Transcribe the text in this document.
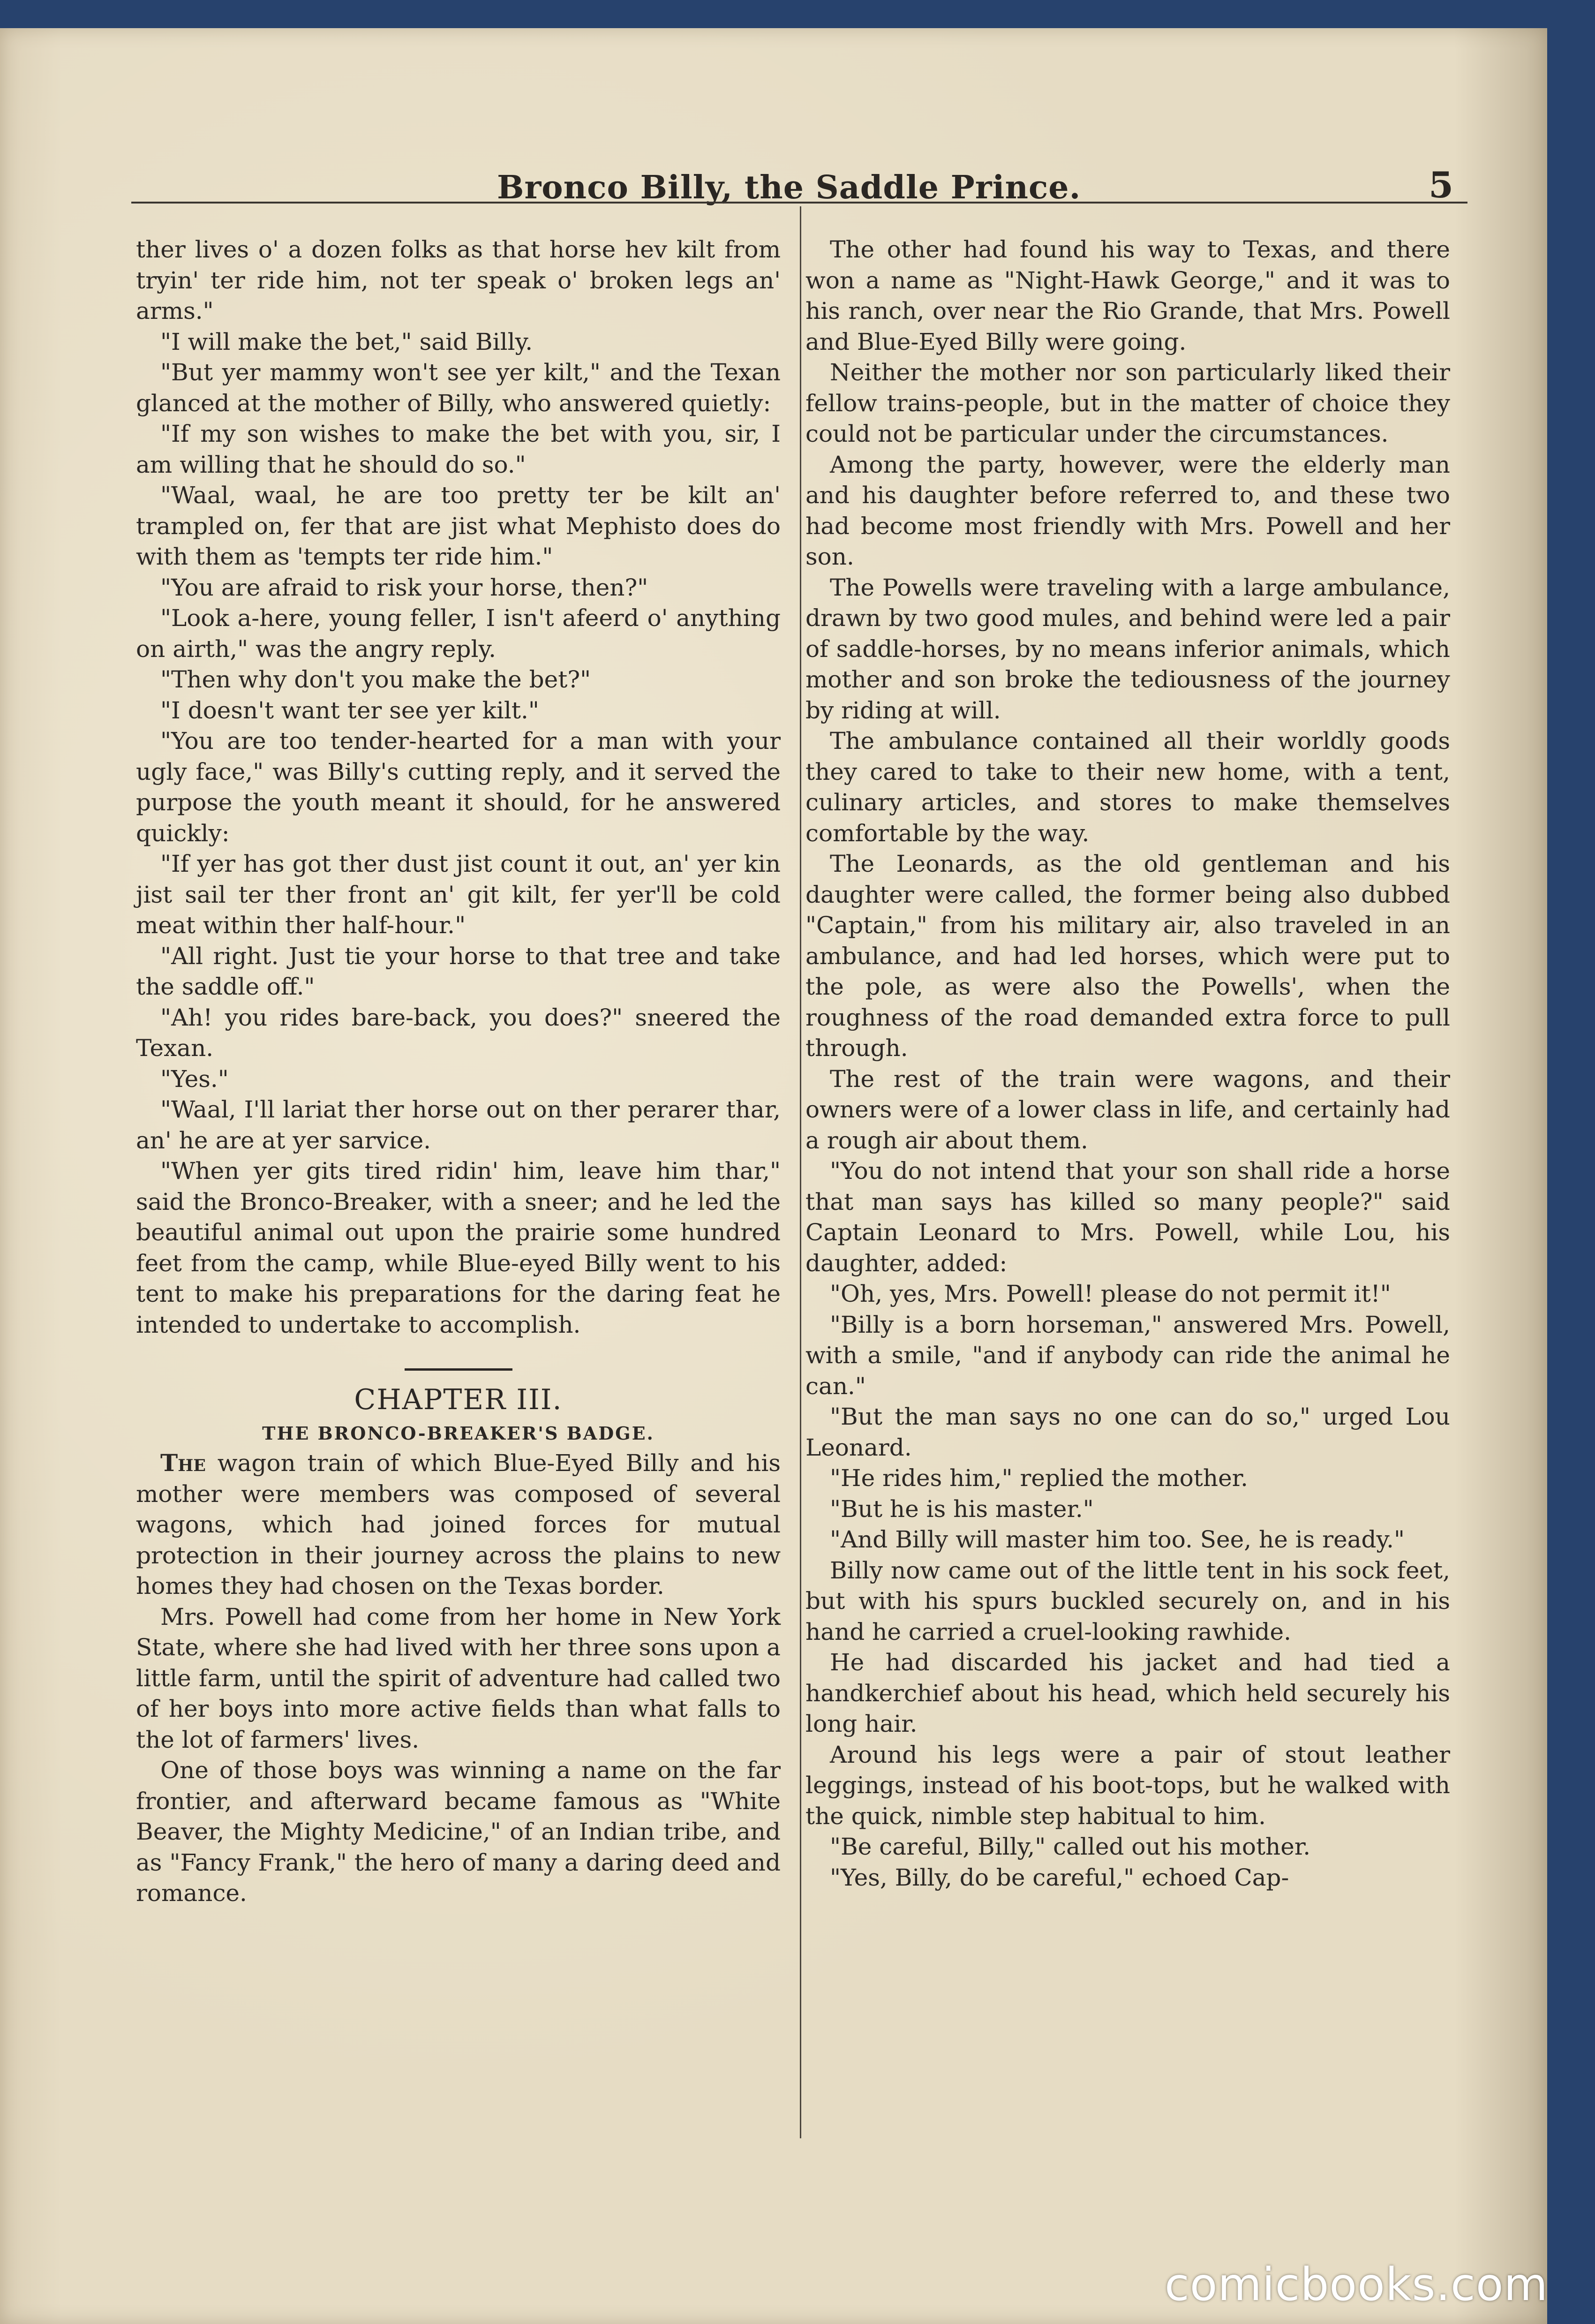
Bronco Billy, the Saddle Prince.	5

ther lives o' a dozen folks as that horse hev kilt from tryin' ter ride him, not ter speak o' broken legs an' arms."

"I will make the bet," said Billy.

"But yer mammy won't see yer kilt," and the Texan glanced at the mother of Billy, who answered quietly:

"If my son wishes to make the bet with you, sir, I am willing that he should do so."

"Waal, waal, he are too pretty ter be kilt an' trampled on, fer that are jist what Mephisto does do with them as 'tempts ter ride him."

"You are afraid to risk your horse, then?"

"Look a-here, young feller, I isn't afeerd o' anything on airth," was the angry reply.

"Then why don't you make the bet?"

"I doesn't want ter see yer kilt."

"You are too tender-hearted for a man with your ugly face," was Billy's cutting reply, and it served the purpose the youth meant it should, for he answered quickly:

"If yer has got ther dust jist count it out, an' yer kin jist sail ter ther front an' git kilt, fer yer'll be cold meat within ther half-hour."

"All right. Just tie your horse to that tree and take the saddle off."

"Ah! you rides bare-back, you does?" sneered the Texan.

"Yes."

"Waal, I'll lariat ther horse out on ther perarer thar, an' he are at yer sarvice.

"When yer gits tired ridin' him, leave him thar," said the Bronco-Breaker, with a sneer; and he led the beautiful animal out upon the prairie some hundred feet from the camp, while Blue-eyed Billy went to his tent to make his preparations for the daring feat he intended to undertake to accomplish.

CHAPTER III.

THE BRONCO-BREAKER'S BADGE.

The wagon train of which Blue-Eyed Billy and his mother were members was composed of several wagons, which had joined forces for mutual protection in their journey across the plains to new homes they had chosen on the Texas border.

Mrs. Powell had come from her home in New York State, where she had lived with her three sons upon a little farm, until the spirit of adventure had called two of her boys into more active fields than what falls to the lot of farmers' lives.

One of those boys was winning a name on the far frontier, and afterward became famous as "White Beaver, the Mighty Medicine," of an Indian tribe, and as "Fancy Frank," the hero of many a daring deed and romance.

The other had found his way to Texas, and there won a name as "Night-Hawk George," and it was to his ranch, over near the Rio Grande, that Mrs. Powell and Blue-Eyed Billy were going.

Neither the mother nor son particularly liked their fellow trains-people, but in the matter of choice they could not be particular under the circumstances.

Among the party, however, were the elderly man and his daughter before referred to, and these two had become most friendly with Mrs. Powell and her son.

The Powells were traveling with a large ambulance, drawn by two good mules, and behind were led a pair of saddle-horses, by no means inferior animals, which mother and son broke the tediousness of the journey by riding at will.

The ambulance contained all their worldly goods they cared to take to their new home, with a tent, culinary articles, and stores to make themselves comfortable by the way.

The Leonards, as the old gentleman and his daughter were called, the former being also dubbed "Captain," from his military air, also traveled in an ambulance, and had led horses, which were put to the pole, as were also the Powells', when the roughness of the road demanded extra force to pull through.

The rest of the train were wagons, and their owners were of a lower class in life, and certainly had a rough air about them.

"You do not intend that your son shall ride a horse that man says has killed so many people?" said Captain Leonard to Mrs. Powell, while Lou, his daughter, added:

"Oh, yes, Mrs. Powell! please do not permit it!"

"Billy is a born horseman," answered Mrs. Powell, with a smile, "and if anybody can ride the animal he can."

"But the man says no one can do so," urged Lou Leonard.

"He rides him," replied the mother.

"But he is his master."

"And Billy will master him too. See, he is ready."

Billy now came out of the little tent in his sock feet, but with his spurs buckled securely on, and in his hand he carried a cruel-looking rawhide.

He had discarded his jacket and had tied a handkerchief about his head, which held securely his long hair.

Around his legs were a pair of stout leather leggings, instead of his boot-tops, but he walked with the quick, nimble step habitual to him.

"Be careful, Billy," called out his mother.

"Yes, Billy, do be careful," echoed Cap-

comicbooks.com
